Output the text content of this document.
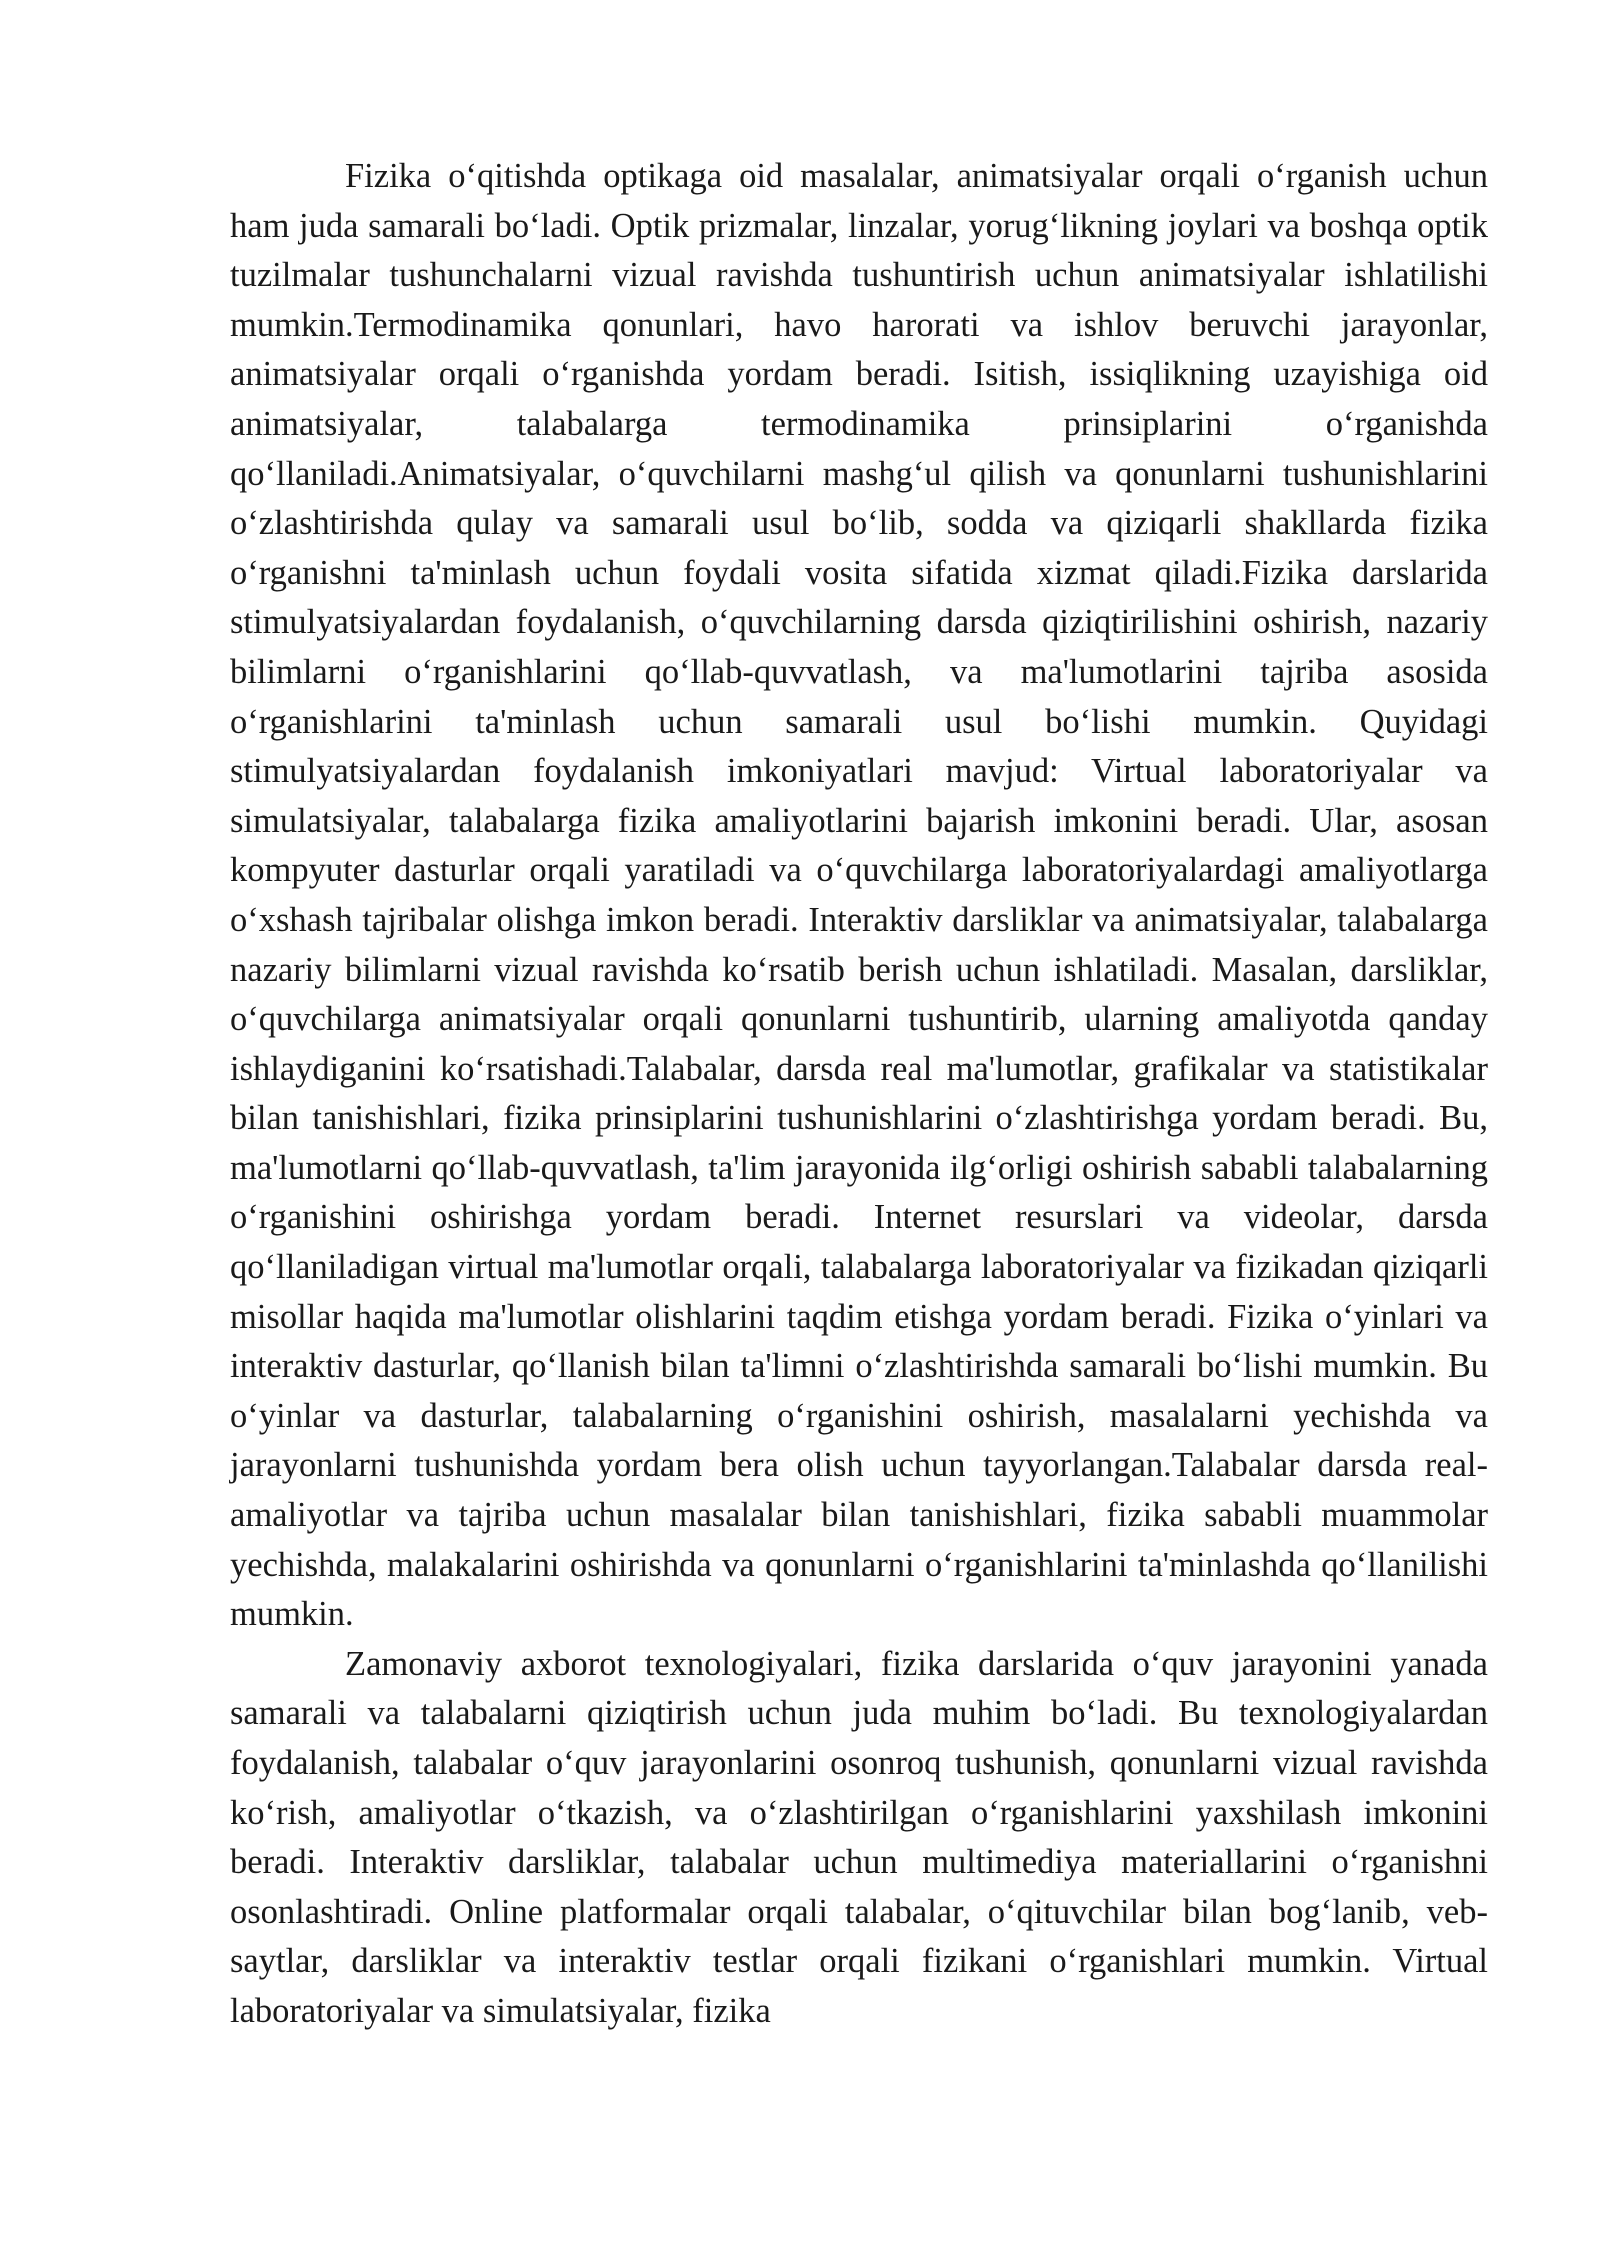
Fizika o‘qitishda optikaga oid masalalar, animatsiyalar orqali o‘rganish uchun ham juda samarali bo‘ladi. Optik prizmalar, linzalar, yorug‘likning joylari va boshqa optik tuzilmalar tushunchalarni vizual ravishda tushuntirish uchun animatsiyalar ishlatilishi mumkin.Termodinamika qonunlari, havo harorati va ishlov beruvchi jarayonlar, animatsiyalar orqali o‘rganishda yordam beradi. Isitish, issiqlikning uzayishiga oid animatsiyalar, talabalarga termodinamika prinsiplarini o‘rganishda qo‘llaniladi.Animatsiyalar, o‘quvchilarni mashg‘ul qilish va qonunlarni tushunishlarini o‘zlashtirishda qulay va samarali usul bo‘lib, sodda va qiziqarli shakllarda fizika o‘rganishni ta'minlash uchun foydali vosita sifatida xizmat qiladi.Fizika darslarida stimulyatsiyalardan foydalanish, o‘quvchilarning darsda qiziqtirilishini oshirish, nazariy bilimlarni o‘rganishlarini qo‘llab-quvvatlash, va ma'lumotlarini tajriba asosida o‘rganishlarini ta'minlash uchun samarali usul bo‘lishi mumkin. Quyidagi stimulyatsiyalardan foydalanish imkoniyatlari mavjud: Virtual laboratoriyalar va simulatsiyalar, talabalarga fizika amaliyotlarini bajarish imkonini beradi. Ular, asosan kompyuter dasturlar orqali yaratiladi va o‘quvchilarga laboratoriyalardagi amaliyotlarga o‘xshash tajribalar olishga imkon beradi. Interaktiv darsliklar va animatsiyalar, talabalarga nazariy bilimlarni vizual ravishda ko‘rsatib berish uchun ishlatiladi. Masalan, darsliklar, o‘quvchilarga animatsiyalar orqali qonunlarni tushuntirib, ularning amaliyotda qanday ishlaydiganini ko‘rsatishadi.Talabalar, darsda real ma'lumotlar, grafikalar va statistikalar bilan tanishishlari, fizika prinsiplarini tushunishlarini o‘zlashtirishga yordam beradi. Bu, ma'lumotlarni qo‘llab-quvvatlash, ta'lim jarayonida ilg‘orligi oshirish sababli talabalarning o‘rganishini oshirishga yordam beradi. Internet resurslari va videolar, darsda qo‘llaniladigan virtual ma'lumotlar orqali, talabalarga laboratoriyalar va fizikadan qiziqarli misollar haqida ma'lumotlar olishlarini taqdim etishga yordam beradi. Fizika o‘yinlari va interaktiv dasturlar, qo‘llanish bilan ta'limni o‘zlashtirishda samarali bo‘lishi mumkin. Bu o‘yinlar va dasturlar, talabalarning o‘rganishini oshirish, masalalarni yechishda va jarayonlarni tushunishda yordam bera olish uchun tayyorlangan.Talabalar darsda real-amaliyotlar va tajriba uchun masalalar bilan tanishishlari, fizika sababli muammolar yechishda, malakalarini oshirishda va qonunlarni o‘rganishlarini ta'minlashda qo‘llanilishi mumkin.

Zamonaviy axborot texnologiyalari, fizika darslarida o‘quv jarayonini yanada samarali va talabalarni qiziqtirish uchun juda muhim bo‘ladi. Bu texnologiyalardan foydalanish, talabalar o‘quv jarayonlarini osonroq tushunish, qonunlarni vizual ravishda ko‘rish, amaliyotlar o‘tkazish, va o‘zlashtirilgan o‘rganishlarini yaxshilash imkonini beradi. Interaktiv darsliklar, talabalar uchun multimediya materiallarini o‘rganishni osonlashtiradi. Online platformalar orqali talabalar, o‘qituvchilar bilan bog‘lanib, veb-saytlar, darsliklar va interaktiv testlar orqali fizikani o‘rganishlari mumkin. Virtual laboratoriyalar va simulatsiyalar, fizika
